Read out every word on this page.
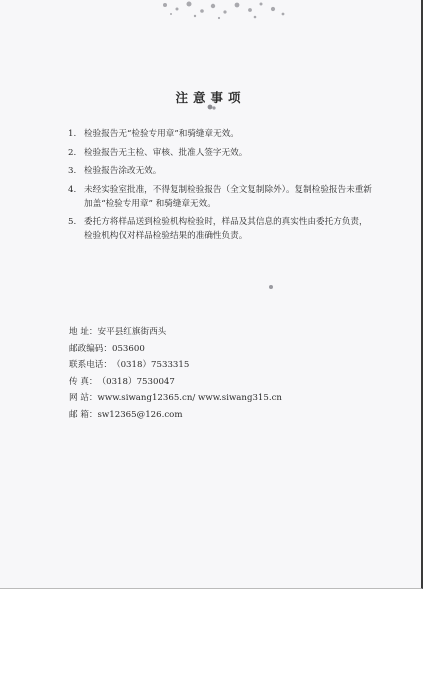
注意事项
1. 检验报告无“检验专用章”和骑缝章无效。
2. 检验报告无主检、审核、批准人签字无效。
3. 检验报告涂改无效。
4. 未经实验室批准，不得复制检验报告（全文复制除外）。复制检验报告未重新
加盖“检验专用章” 和骑缝章无效。
5. 委托方将样品送到检验机构检验时，样品及其信息的真实性由委托方负责，
检验机构仅对样品检验结果的准确性负责。
地 址：安平县红旗街西头
邮政编码：053600
联系电话：（0318）7533315
传 真：（0318）7530047
网 站：www.siwang12365.cn/ www.siwang315.cn
邮 箱：sw12365@126.com
